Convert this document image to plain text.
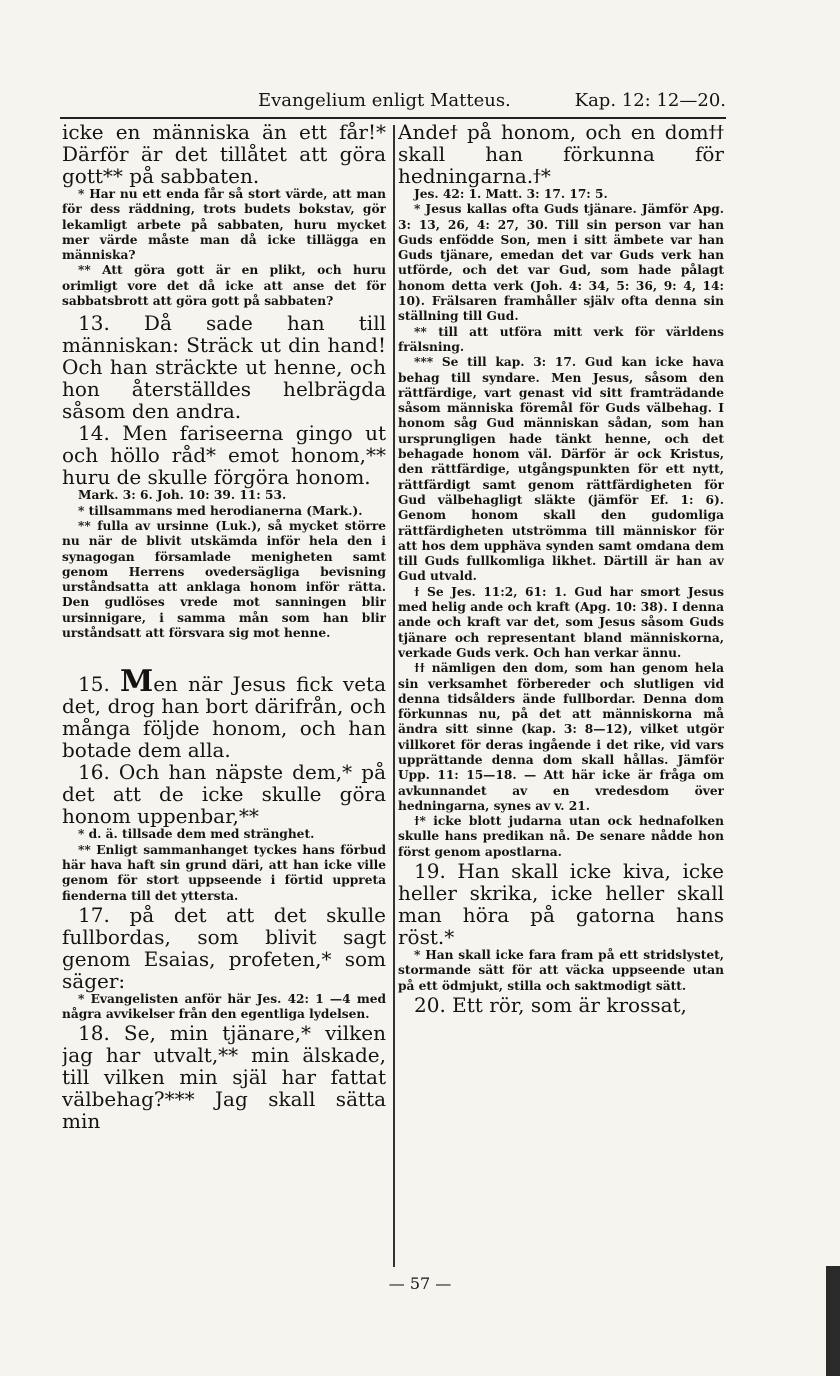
Evangelium enligt Matteus.	Kap. 12: 12—20.

icke en människa än ett får!* Därför är det tillåtet att göra gott** på sabbaten.

* Har nu ett enda får så stort värde, att man för dess räddning, trots budets bokstav, gör lekamligt arbete på sabbaten, huru mycket mer värde måste man då icke tillägga en människa?

** Att göra gott är en plikt, och huru orimligt vore det då icke att anse det för sabbatsbrott att göra gott på sabbaten?

13. Då sade han till människan: Sträck ut din hand! Och han sträckte ut henne, och hon återställdes helbrägda såsom den andra.

14. Men fariseerna gingo ut och höllo råd* emot honom,** huru de skulle förgöra honom.

Mark. 3: 6. Joh. 10: 39. 11: 53.

* tillsammans med herodianerna (Mark.).

** fulla av ursinne (Luk.), så mycket större nu när de blivit utskämda inför hela den i synagogan församlade menigheten samt genom Herrens ovedersägliga bevisning urståndsatta att anklaga honom inför rätta. Den gudlöses vrede mot sanningen blir ursinnigare, i samma mån som han blir urståndsatt att försvara sig mot henne.

15. Men när Jesus fick veta det, drog han bort därifrån, och många följde honom, och han botade dem alla.

16. Och han näpste dem,* på det att de icke skulle göra honom uppenbar,**

* d. ä. tillsade dem med stränghet.

** Enligt sammanhanget tyckes hans förbud här hava haft sin grund däri, att han icke ville genom för stort uppseende i förtid uppreta fienderna till det yttersta.

17. på det att det skulle fullbordas, som blivit sagt genom Esaias, profeten,* som säger:

* Evangelisten anför här Jes. 42: 1 —4 med några avvikelser från den egentliga lydelsen.

18. Se, min tjänare,* vilken jag har utvalt,** min älskade, till vilken min själ har fattat välbehag?*** Jag skall sätta min

Andeϯ på honom, och en domϯϯ skall han förkunna för hedningarna.ϯ*

Jes. 42: 1. Matt. 3: 17. 17: 5.

* Jesus kallas ofta Guds tjänare. Jämför Apg. 3: 13, 26, 4: 27, 30. Till sin person var han Guds enfödde Son, men i sitt ämbete var han Guds tjänare, emedan det var Guds verk han utförde, och det var Gud, som hade pålagt honom detta verk (Joh. 4: 34, 5: 36, 9: 4, 14: 10). Frälsaren framhåller själv ofta denna sin ställning till Gud.

** till att utföra mitt verk för världens frälsning.

*** Se till kap. 3: 17. Gud kan icke hava behag till syndare. Men Jesus, såsom den rättfärdige, vart genast vid sitt framträdande såsom människa föremål för Guds välbehag. I honom såg Gud människan sådan, som han ursprungligen hade tänkt henne, och det behagade honom väl. Därför är ock Kristus, den rättfärdige, utgångspunkten för ett nytt, rättfärdigt samt genom rättfärdigheten för Gud välbehagligt släkte (jämför Ef. 1: 6). Genom honom skall den gudomliga rättfärdigheten utströmma till människor för att hos dem upphäva synden samt omdana dem till Guds fullkomliga likhet. Därtill är han av Gud utvald.

ϯ Se Jes. 11:2, 61: 1. Gud har smort Jesus med helig ande och kraft (Apg. 10: 38). I denna ande och kraft var det, som Jesus såsom Guds tjänare och representant bland människorna, verkade Guds verk. Och han verkar ännu.

ϯϯ nämligen den dom, som han genom hela sin verksamhet förbereder och slutligen vid denna tidsålders ände fullbordar. Denna dom förkunnas nu, på det att människorna må ändra sitt sinne (kap. 3: 8—12), vilket utgör villkoret för deras ingående i det rike, vid vars upprättande denna dom skall hållas. Jämför Upp. 11: 15—18. — Att här icke är fråga om avkunnandet av en vredesdom över hedningarna, synes av v. 21.

ϯ* icke blott judarna utan ock hednafolken skulle hans predikan nå. De senare nådde hon först genom apostlarna.

19. Han skall icke kiva, icke heller skrika, icke heller skall man höra på gatorna hans röst.*

* Han skall icke fara fram på ett stridslystet, stormande sätt för att väcka uppseende utan på ett ödmjukt, stilla och saktmodigt sätt.

20. Ett rör, som är krossat,

— 57 —
